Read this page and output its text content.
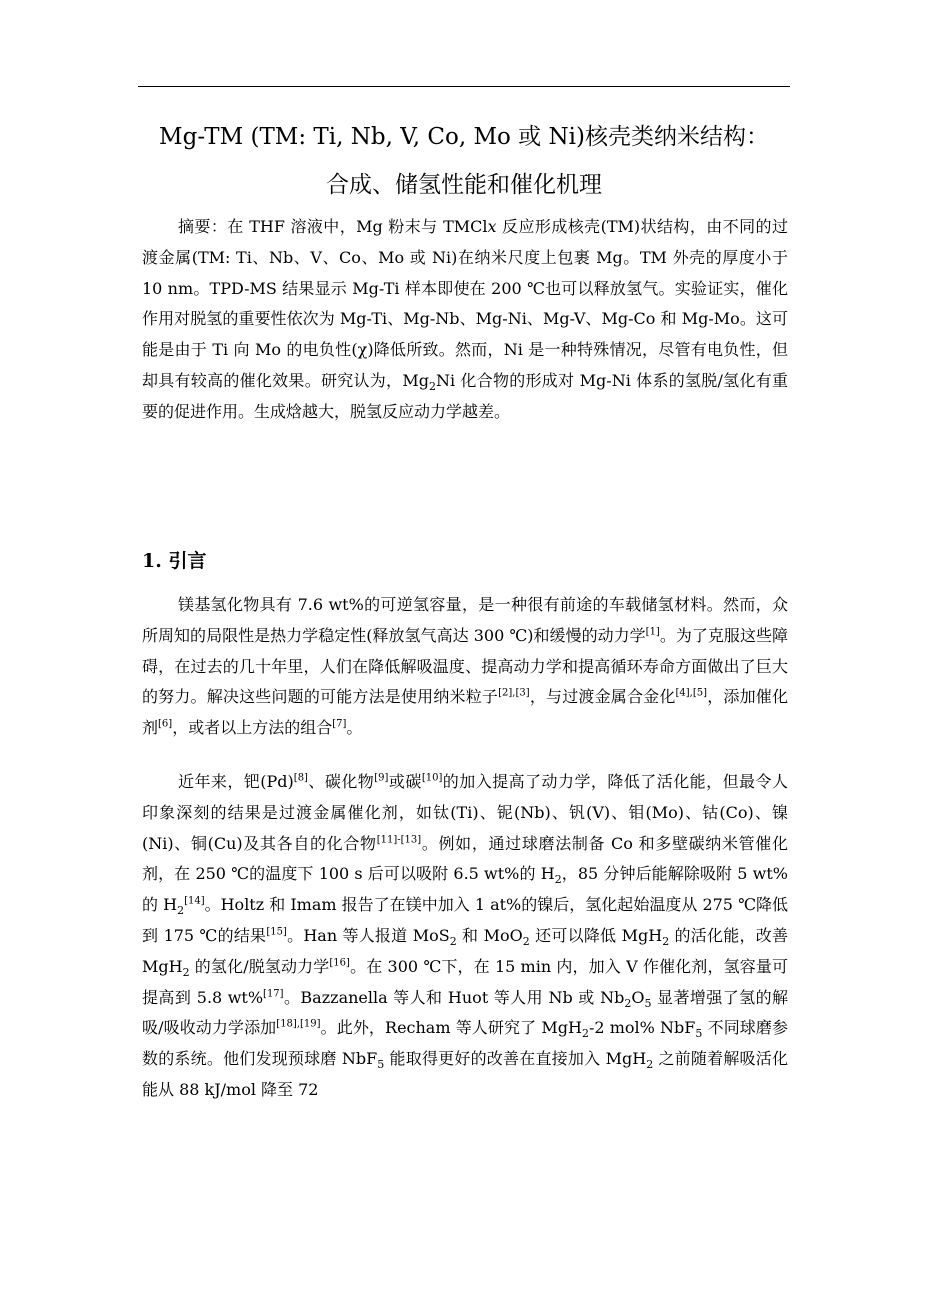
Mg-TM (TM: Ti, Nb, V, Co, Mo 或 Ni)核壳类纳米结构：
合成、储氢性能和催化机理

摘要：在 THF 溶液中，Mg 粉末与 TMClx 反应形成核壳(TM)状结构，由不同的过渡金属(TM: Ti、Nb、V、Co、Mo 或 Ni)在纳米尺度上包裹 Mg。TM 外壳的厚度小于 10 nm。TPD-MS 结果显示 Mg-Ti 样本即使在 200 ℃也可以释放氢气。实验证实，催化作用对脱氢的重要性依次为 Mg-Ti、Mg-Nb、Mg-Ni、Mg-V、Mg-Co 和 Mg-Mo。这可能是由于 Ti 向 Mo 的电负性(χ)降低所致。然而，Ni 是一种特殊情况，尽管有电负性，但却具有较高的催化效果。研究认为，$Mg_2Ni$ 化合物的形成对 Mg-Ni 体系的氢脱/氢化有重要的促进作用。生成焓越大，脱氢反应动力学越差。

1. 引言

镁基氢化物具有 7.6 wt%的可逆氢容量，是一种很有前途的车载储氢材料。然而，众所周知的局限性是热力学稳定性(释放氢气高达 300 ℃)和缓慢的动力学[1]。为了克服这些障碍，在过去的几十年里，人们在降低解吸温度、提高动力学和提高循环寿命方面做出了巨大的努力。解决这些问题的可能方法是使用纳米粒子[2],[3]，与过渡金属合金化[4],[5]，添加催化剂[6]，或者以上方法的组合[7]。

近年来，钯(Pd)[8]、碳化物[9]或碳[10]的加入提高了动力学，降低了活化能，但最令人印象深刻的结果是过渡金属催化剂，如钛(Ti)、铌(Nb)、钒(V)、钼(Mo)、钴(Co)、镍(Ni)、铜(Cu)及其各自的化合物[11]-[13]。例如，通过球磨法制备 Co 和多壁碳纳米管催化剂，在 250 ℃的温度下 100 s 后可以吸附 6.5 wt%的 $H_2$，85 分钟后能解除吸附 5 wt%的 $H_2[14]$。Holtz 和 Imam 报告了在镁中加入 1 at%的镍后，氢化起始温度从 275 ℃降低到 175 ℃的结果[15]。Han 等人报道 MoS$_2$ 和 MoO$_2$ 还可以降低 MgH$_2$ 的活化能，改善 MgH$_2$ 的氢化/脱氢动力学[16]。在 300 ℃下，在 15 min 内，加入 V 作催化剂，氢容量可提高到 5.8 wt%[17]。Bazzanella 等人和 Huot 等人用 Nb 或 $Nb_2O_5$ 显著增强了氢的解吸/吸收动力学添加[18],[19]。此外，Recham 等人研究了 MgH$_2$-2 mol% NbF$_5$ 不同球磨参数的系统。他们发现预球磨 NbF$_5$ 能取得更好的改善在直接加入 MgH$_2$ 之前随着解吸活化能从 88 kJ/mol 降至 72
